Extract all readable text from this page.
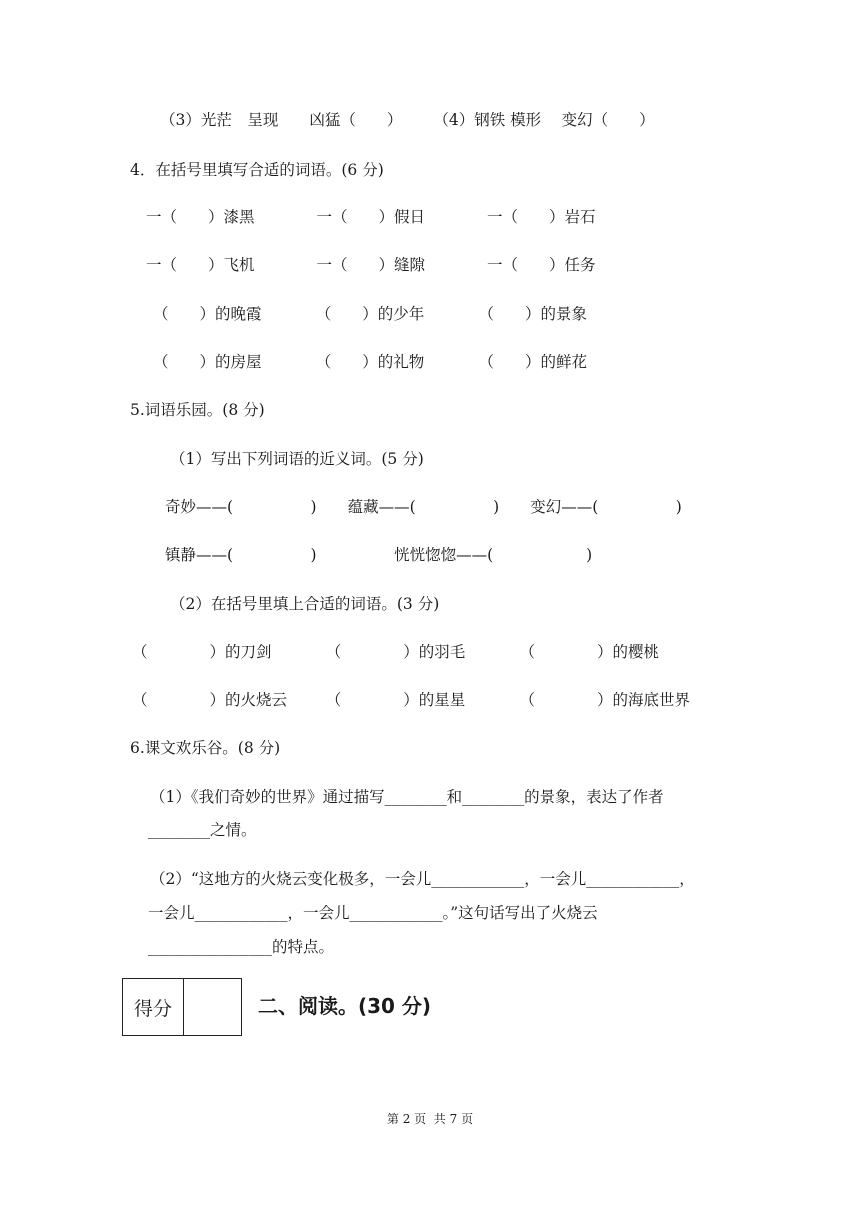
（3）光茫　呈现　　凶猛（　　）　　　（4）钢铁 模形　 变幻（　　）
4．在括号里填写合适的词语。(6 分)
一（　　）漆黑　　　　一（　　）假日　　　　一（　　）岩石
一（　　）飞机　　　　一（　　）缝隙　　　　一（　　）任务
（　　）的晚霞　　　　（　　）的少年　　　　（　　）的景象
（　　）的房屋　　　　（　　）的礼物　　　　（　　）的鲜花
5.词语乐园。(8 分)
（1）写出下列词语的近义词。(5 分)
奇妙——(　　　　　)　　蕴藏——(　　　　　)　　变幻——(　　　　　)
镇静——(　　　　　)　　　　　恍恍惚惚——(　　　　　　)
（2）在括号里填上合适的词语。(3 分)
（　　　　）的刀剑　　　　（　　　　）的羽毛　　　　（　　　　）的樱桃
（　　　　）的火烧云　　　（　　　　）的星星　　　　（　　　　）的海底世界
6.课文欢乐谷。(8 分)
（1）《我们奇妙的世界》通过描写________和________的景象，表达了作者
________之情。
（2）“这地方的火烧云变化极多，一会儿____________，一会儿____________，
一会儿____________，一会儿____________。”这句话写出了火烧云
________________的特点。
得分	二、阅读。(30 分)
第 2 页  共 7 页
